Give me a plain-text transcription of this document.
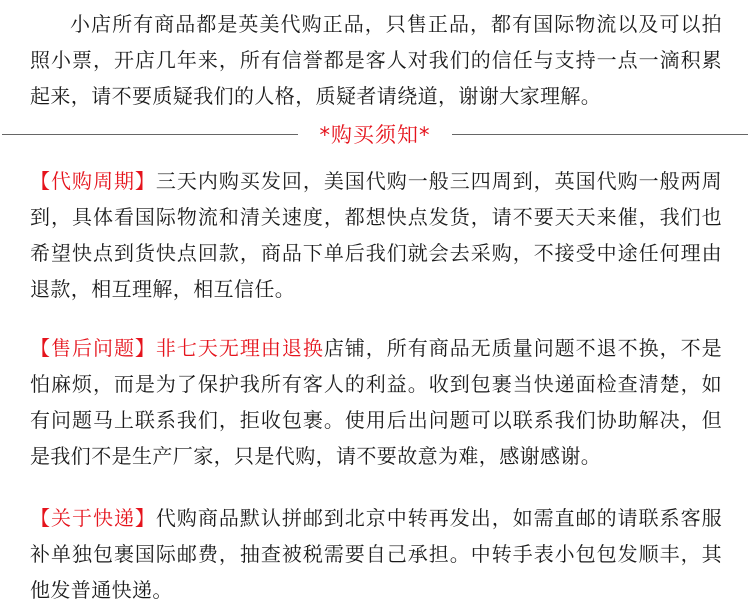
小店所有商品都是英美代购正品，只售正品，都有国际物流以及可以拍照小票，开店几年来，所有信誉都是客人对我们的信任与支持一点一滴积累起来，请不要质疑我们的人格，质疑者请绕道，谢谢大家理解。

*购买须知*

【代购周期】三天内购买发回，美国代购一般三四周到，英国代购一般两周到，具体看国际物流和清关速度，都想快点发货，请不要天天来催，我们也希望快点到货快点回款，商品下单后我们就会去采购，不接受中途任何理由退款，相互理解，相互信任。

【售后问题】非七天无理由退换店铺，所有商品无质量问题不退不换，不是怕麻烦，而是为了保护我所有客人的利益。收到包裹当快递面检查清楚，如有问题马上联系我们，拒收包裹。使用后出问题可以联系我们协助解决，但是我们不是生产厂家，只是代购，请不要故意为难，感谢感谢。

【关于快递】代购商品默认拼邮到北京中转再发出，如需直邮的请联系客服补单独包裹国际邮费，抽查被税需要自己承担。中转手表小包包发顺丰，其他发普通快递。
